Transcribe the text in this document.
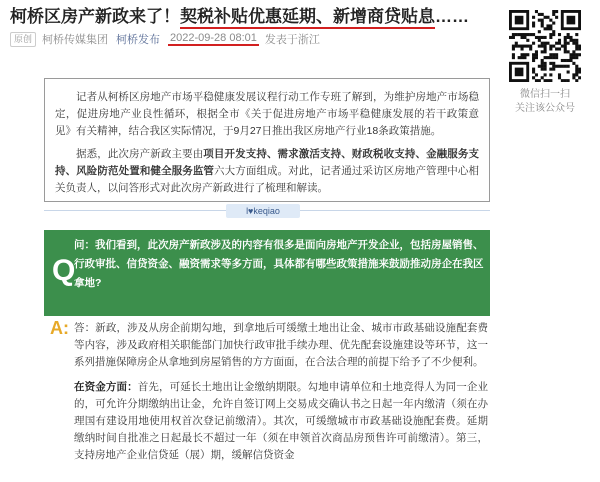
柯桥区房产新政来了！契税补贴优惠延期、新增商贷贴息……
原创 柯桥传媒集团 柯桥发布 2022-09-28 08:01 发表于浙江
微信扫一扫
关注该公众号

记者从柯桥区房地产市场平稳健康发展议程行动工作专班了解到，为维护房地产市场稳定，促进房地产业良性循环，根据全市《关于促进房地产市场平稳健康发展的若干政策意见》有关精神，结合我区实际情况，于9月27日推出我区房地产行业18条政策措施。

据悉，此次房产新政主要由项目开发支持、需求激活支持、财政税收支持、金融服务支持、风险防范处置和健全服务监管六大方面组成。对此，记者通过采访区房地产管理中心相关负责人，以问答形式对此次房产新政进行了梳理和解读。

l♥keqiao
Q
问：我们看到，此次房产新政涉及的内容有很多是面向房地产开发企业，包括房屋销售、行政审批、信贷资金、融资需求等多方面，具体都有哪些政策措施来鼓励推动房企在我区拿地?
A: 答：新政，涉及从房企前期勾地，到拿地后可缓缴土地出让金、城市市政基础设施配套费等内容，涉及政府相关职能部门加快行政审批手续办理、优先配套设施建设等环节，这一系列措施保障房企从拿地到房屋销售的方方面面，在合法合理的前提下给予了不少便利。

在资金方面：首先，可延长土地出让金缴纳期限。勾地申请单位和土地竞得人为同一企业的，可允许分期缴纳出让金，允许自签订网上交易成交确认书之日起一年内缴清（须在办理国有建设用地使用权首次登记前缴清）。其次，可缓缴城市市政基础设施配套费。延期缴纳时间自批准之日起最长不超过一年（须在申领首次商品房预售许可前缴清）。第三，支持房地产企业信贷延（展）期，缓解信贷资金
